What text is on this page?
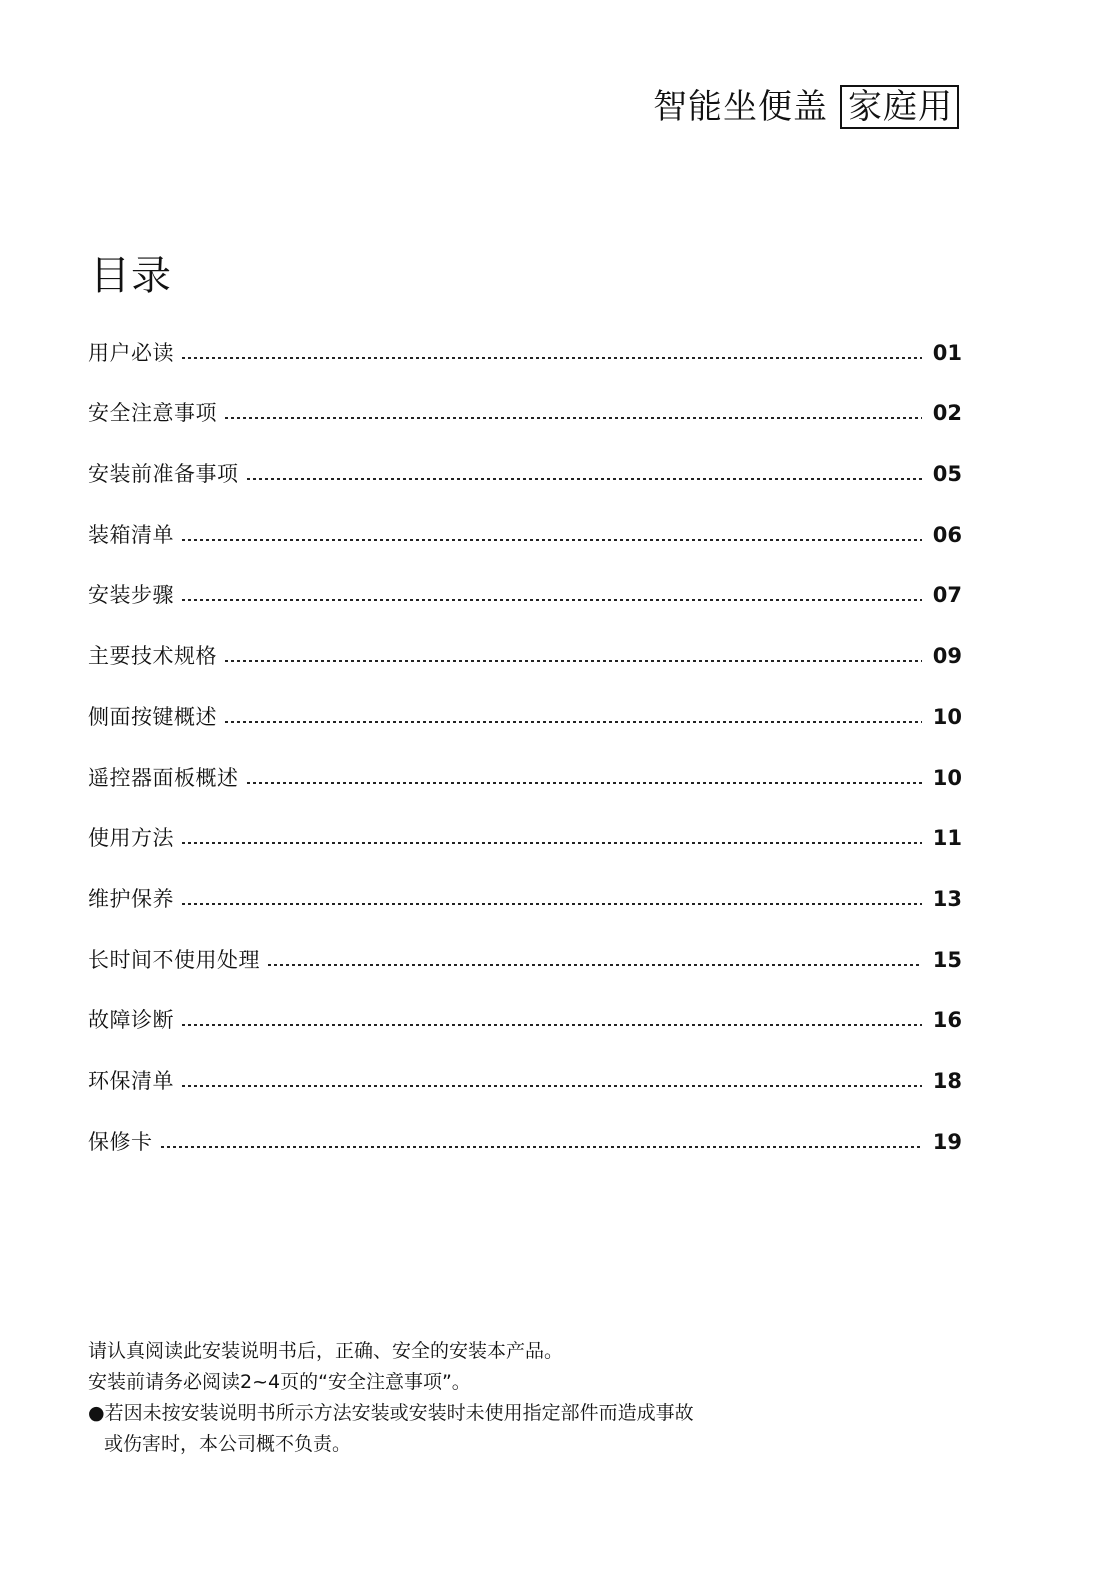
智能坐便盖 家庭用
目录
用户必读	01
安全注意事项	02
安装前准备事项	05
装箱清单	06
安装步骤	07
主要技术规格	09
侧面按键概述	10
遥控器面板概述	10
使用方法	11
维护保养	13
长时间不使用处理	15
故障诊断	16
环保清单	18
保修卡	19

请认真阅读此安装说明书后，正确、安全的安装本产品。

安装前请务必阅读2~4页的“安全注意事项”。

●若因未按安装说明书所示方法安装或安装时未使用指定部件而造成事故

或伤害时，本公司概不负责。
